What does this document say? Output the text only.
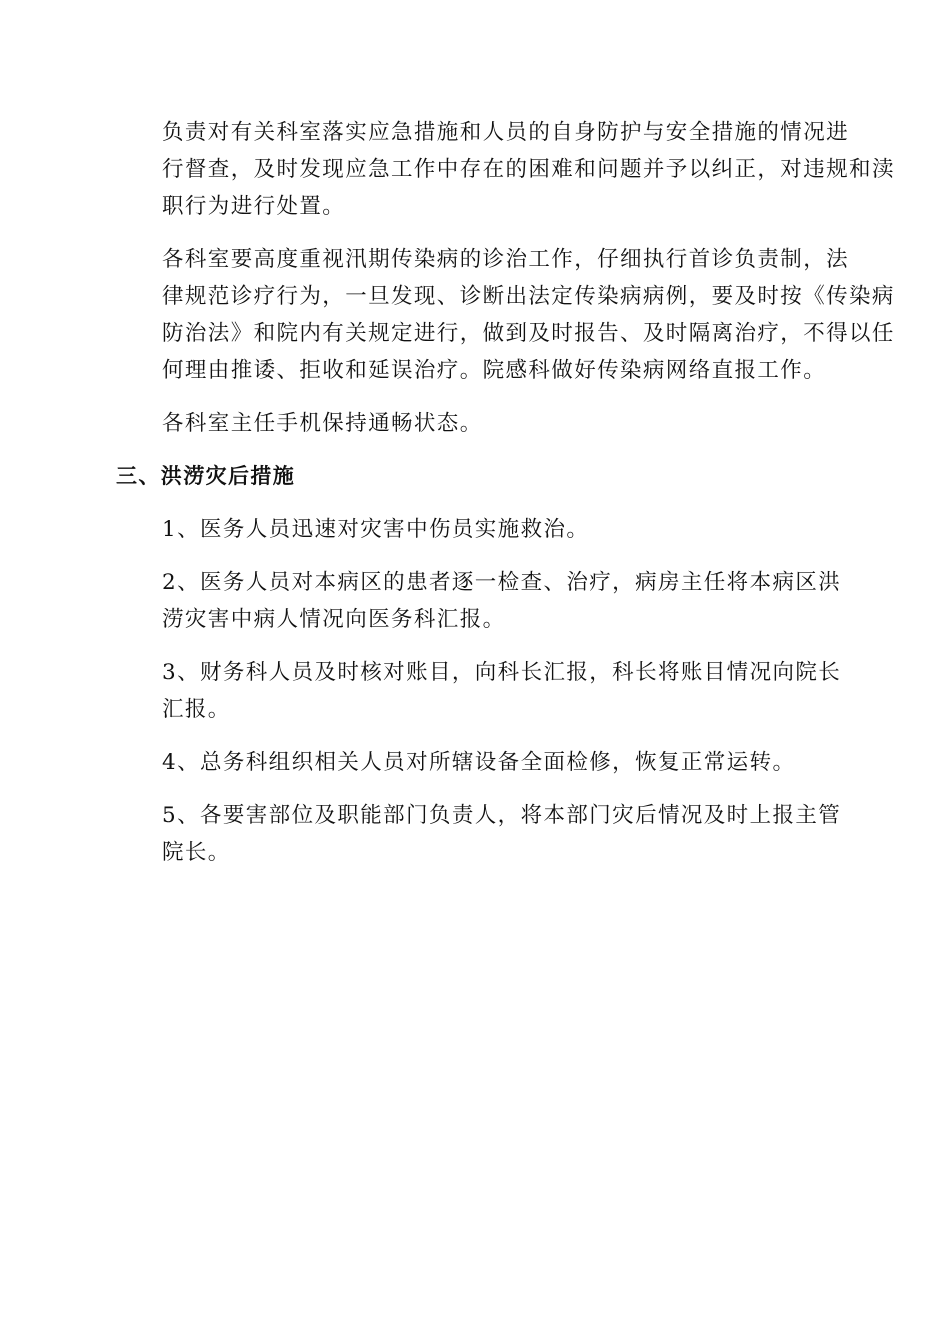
负责对有关科室落实应急措施和人员的自身防护与安全措施的情况进
行督查，及时发现应急工作中存在的困难和问题并予以纠正，对违规和渎
职行为进行处置。

各科室要高度重视汛期传染病的诊治工作，仔细执行首诊负责制，法
律规范诊疗行为，一旦发现、诊断出法定传染病病例，要及时按《传染病
防治法》和院内有关规定进行，做到及时报告、及时隔离治疗，不得以任
何理由推诿、拒收和延误治疗。院感科做好传染病网络直报工作。

各科室主任手机保持通畅状态。

三、洪涝灾后措施

1、医务人员迅速对灾害中伤员实施救治。

2、医务人员对本病区的患者逐一检查、治疗，病房主任将本病区洪
涝灾害中病人情况向医务科汇报。

3、财务科人员及时核对账目，向科长汇报，科长将账目情况向院长
汇报。

4、总务科组织相关人员对所辖设备全面检修，恢复正常运转。

5、各要害部位及职能部门负责人，将本部门灾后情况及时上报主管
院长。
